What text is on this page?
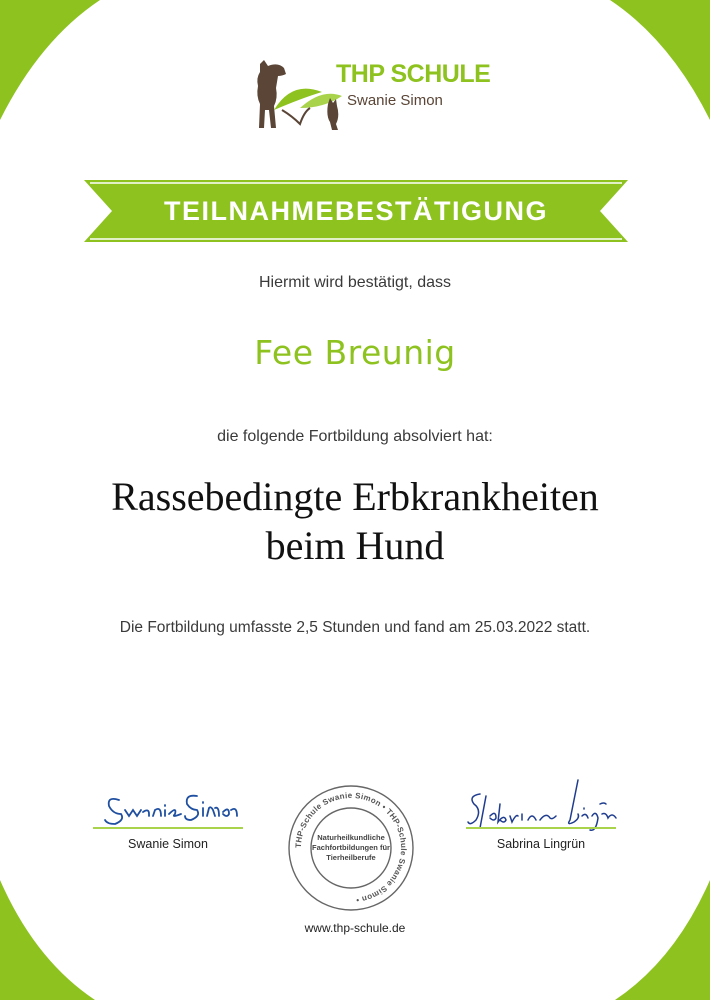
THP SCHULE
Swanie Simon
TEILNAHMEBESTÄTIGUNG
Hiermit wird bestätigt, dass
Fee Breunig
die folgende Fortbildung absolviert hat:
Rassebedingte Erbkrankheiten
beim Hund
Die Fortbildung umfasste 2,5 Stunden und fand am 25.03.2022 statt.
Swanie Simon	THP-Schule Swanie Simon • THP-Schule Swanie Simon •
Naturheilkundliche
Fachfortbildungen für
Tierheilberufe
Sabrina Lingrün
www.thp-schule.de
